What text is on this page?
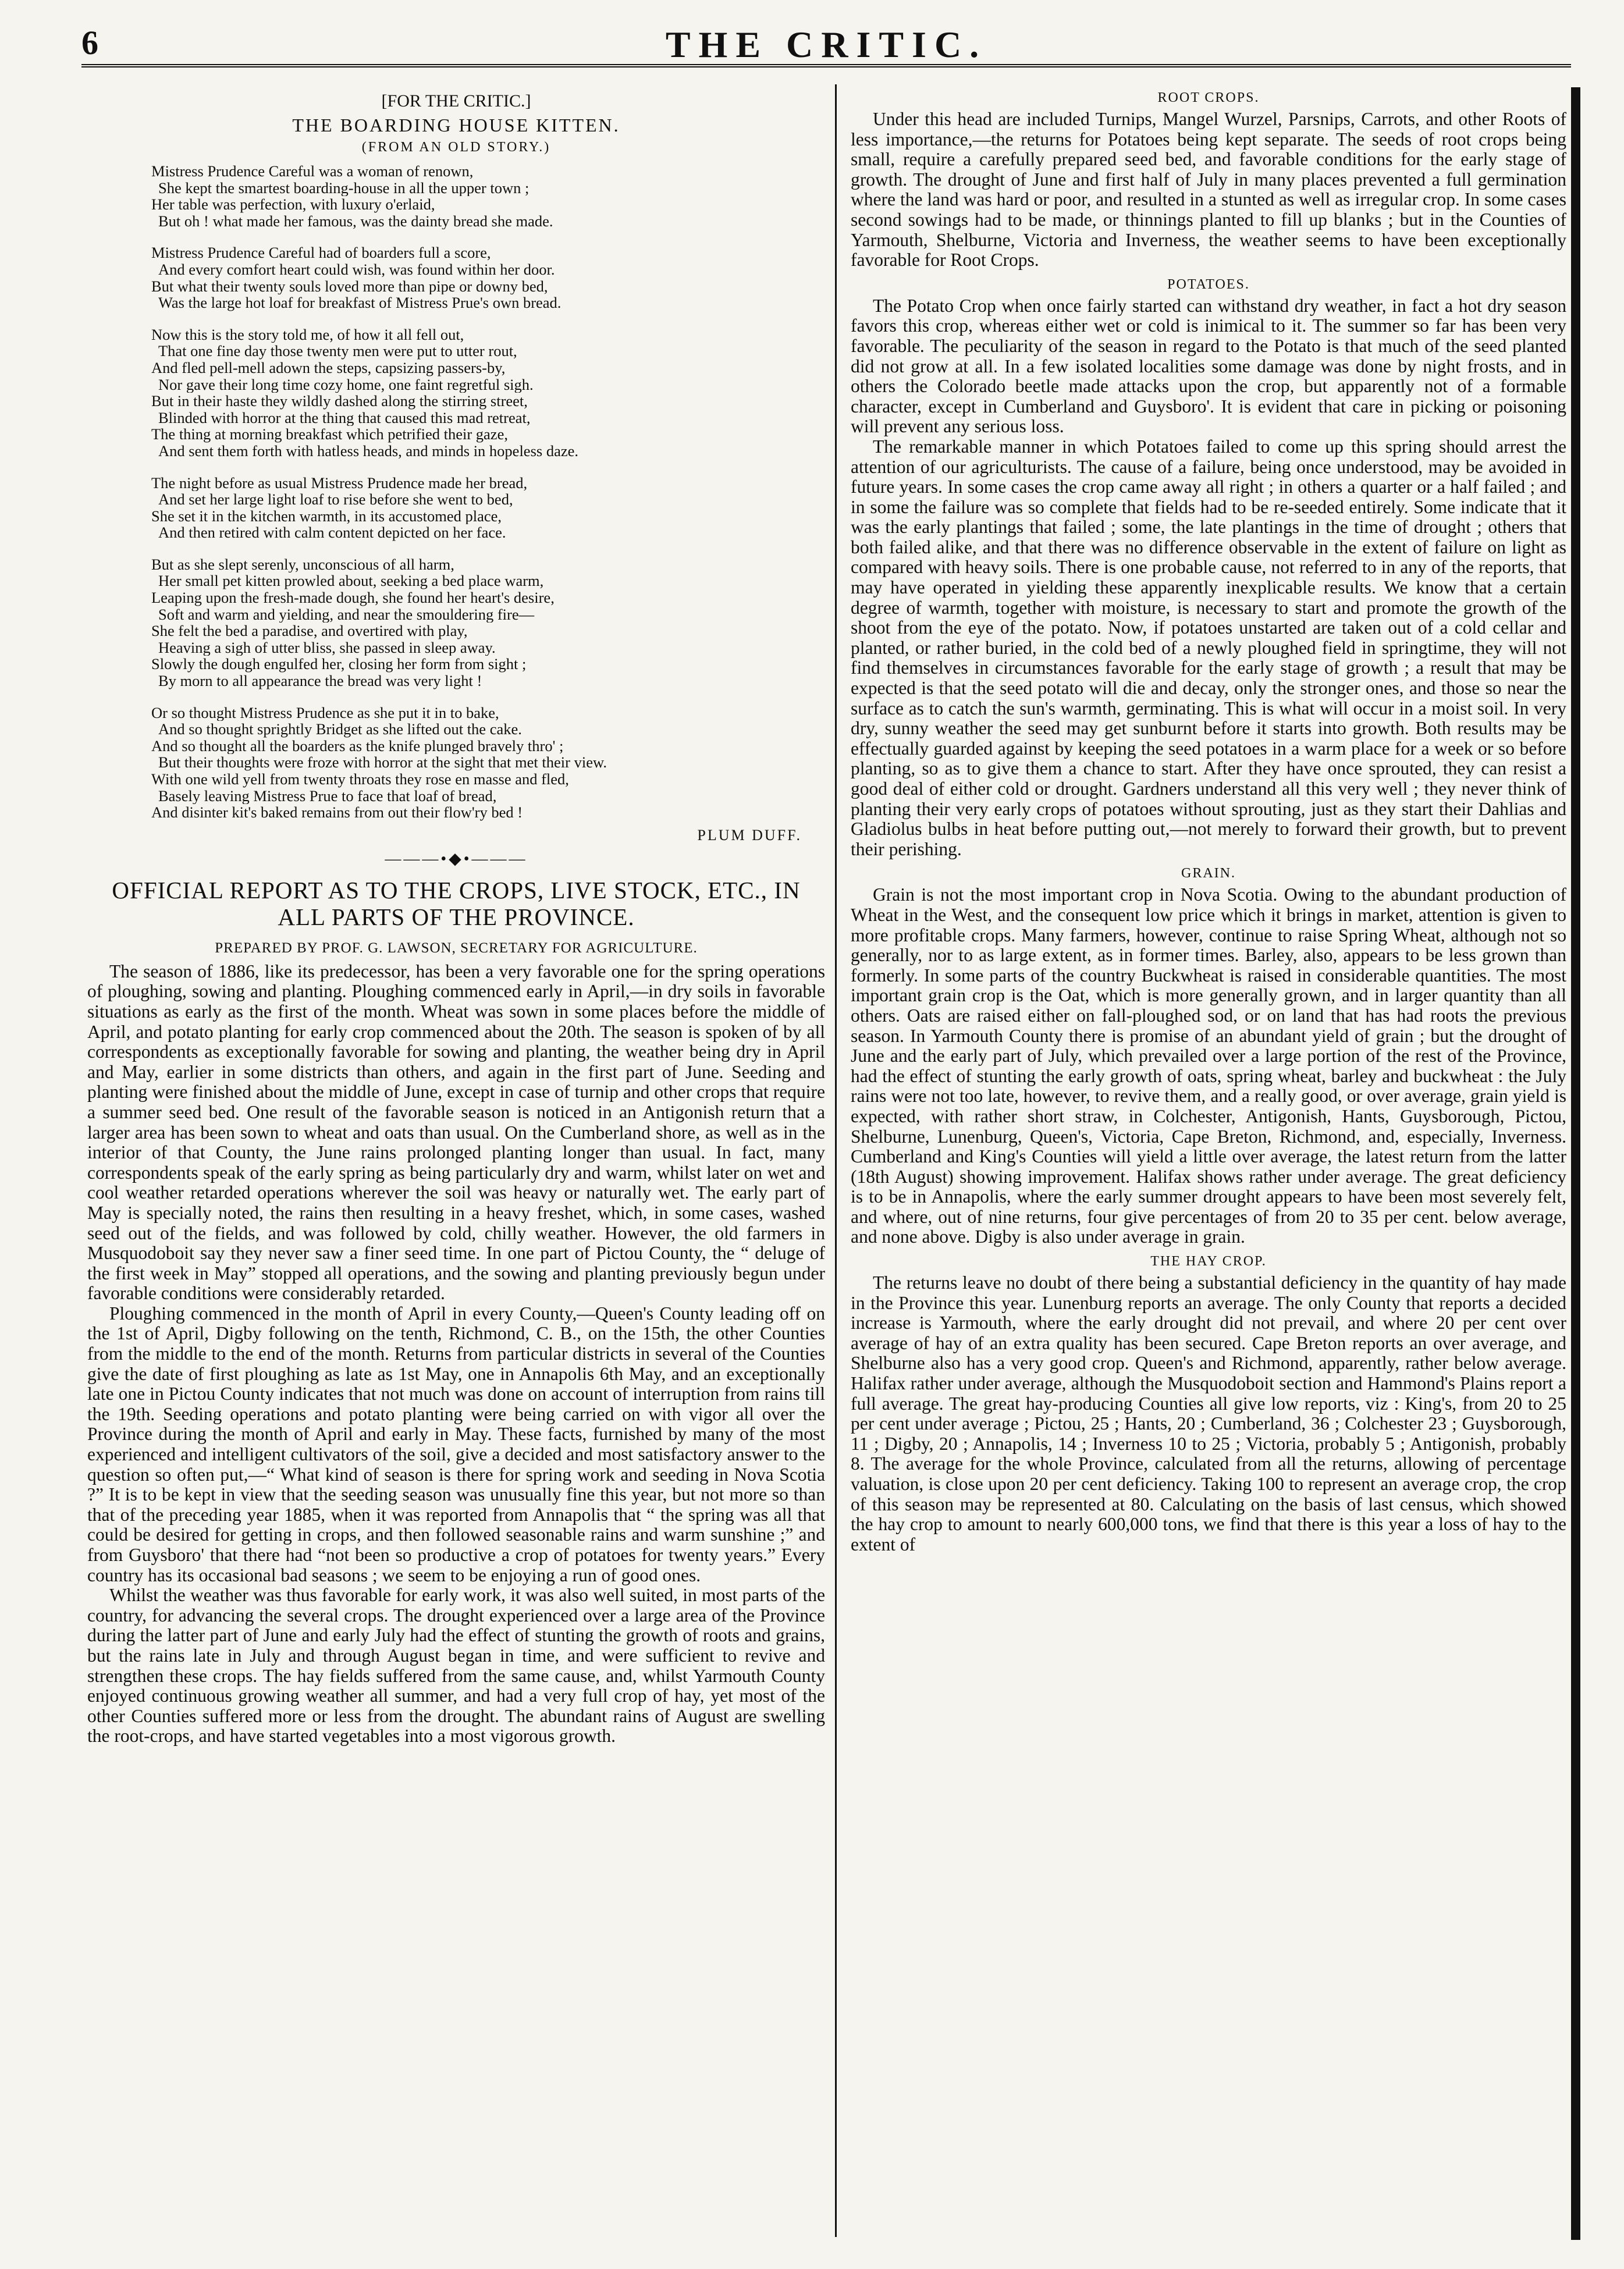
6	THE CRITIC.
[FOR THE CRITIC.]
THE BOARDING HOUSE KITTEN.
(FROM AN OLD STORY.)
Mistress Prudence Careful was a woman of renown,
She kept the smartest boarding-house in all the upper town ;
Her table was perfection, with luxury o'erlaid,
But oh ! what made her famous, was the dainty bread she made.
Mistress Prudence Careful had of boarders full a score,
And every comfort heart could wish, was found within her door.
But what their twenty souls loved more than pipe or downy bed,
Was the large hot loaf for breakfast of Mistress Prue's own bread.
Now this is the story told me, of how it all fell out,
That one fine day those twenty men were put to utter rout,
And fled pell-mell adown the steps, capsizing passers-by,
Nor gave their long time cozy home, one faint regretful sigh.
But in their haste they wildly dashed along the stirring street,
Blinded with horror at the thing that caused this mad retreat,
The thing at morning breakfast which petrified their gaze,
And sent them forth with hatless heads, and minds in hopeless daze.
The night before as usual Mistress Prudence made her bread,
And set her large light loaf to rise before she went to bed,
She set it in the kitchen warmth, in its accustomed place,
And then retired with calm content depicted on her face.
But as she slept serenly, unconscious of all harm,
Her small pet kitten prowled about, seeking a bed place warm,
Leaping upon the fresh-made dough, she found her heart's desire,
Soft and warm and yielding, and near the smouldering fire—
She felt the bed a paradise, and overtired with play,
Heaving a sigh of utter bliss, she passed in sleep away.
Slowly the dough engulfed her, closing her form from sight ;
By morn to all appearance the bread was very light !
Or so thought Mistress Prudence as she put it in to bake,
And so thought sprightly Bridget as she lifted out the cake.
And so thought all the boarders as the knife plunged bravely thro' ;
But their thoughts were froze with horror at the sight that met their view.
With one wild yell from twenty throats they rose en masse and fled,
Basely leaving Mistress Prue to face that loaf of bread,
And disinter kit's baked remains from out their flow'ry bed !
PLUM DUFF.
———•◆•———
OFFICIAL REPORT AS TO THE CROPS, LIVE STOCK, ETC., IN ALL PARTS OF THE PROVINCE.
PREPARED BY PROF. G. LAWSON, SECRETARY FOR AGRICULTURE.

The season of 1886, like its predecessor, has been a very favorable one for the spring operations of ploughing, sowing and planting. Ploughing commenced early in April,—in dry soils in favorable situations as early as the first of the month. Wheat was sown in some places before the middle of April, and potato planting for early crop commenced about the 20th. The season is spoken of by all correspondents as exceptionally favorable for sowing and planting, the weather being dry in April and May, earlier in some districts than others, and again in the first part of June. Seeding and planting were finished about the middle of June, except in case of turnip and other crops that require a summer seed bed. One result of the favorable season is noticed in an Antigonish return that a larger area has been sown to wheat and oats than usual. On the Cumberland shore, as well as in the interior of that County, the June rains prolonged planting longer than usual. In fact, many correspondents speak of the early spring as being particularly dry and warm, whilst later on wet and cool weather retarded operations wherever the soil was heavy or naturally wet. The early part of May is specially noted, the rains then resulting in a heavy freshet, which, in some cases, washed seed out of the fields, and was followed by cold, chilly weather. However, the old farmers in Musquodoboit say they never saw a finer seed time. In one part of Pictou County, the “ deluge of the first week in May” stopped all operations, and the sowing and planting previously begun under favorable conditions were considerably retarded.

Ploughing commenced in the month of April in every County,—Queen's County leading off on the 1st of April, Digby following on the tenth, Richmond, C. B., on the 15th, the other Counties from the middle to the end of the month. Returns from particular districts in several of the Counties give the date of first ploughing as late as 1st May, one in Annapolis 6th May, and an exceptionally late one in Pictou County indicates that not much was done on account of interruption from rains till the 19th. Seeding operations and potato planting were being carried on with vigor all over the Province during the month of April and early in May. These facts, furnished by many of the most experienced and intelligent cultivators of the soil, give a decided and most satisfactory answer to the question so often put,—“ What kind of season is there for spring work and seeding in Nova Scotia ?” It is to be kept in view that the seeding season was unusually fine this year, but not more so than that of the preceding year 1885, when it was reported from Annapolis that “ the spring was all that could be desired for getting in crops, and then followed seasonable rains and warm sunshine ;” and from Guysboro' that there had “not been so productive a crop of potatoes for twenty years.” Every country has its occasional bad seasons ; we seem to be enjoying a run of good ones.

Whilst the weather was thus favorable for early work, it was also well suited, in most parts of the country, for advancing the several crops. The drought experienced over a large area of the Province during the latter part of June and early July had the effect of stunting the growth of roots and grains, but the rains late in July and through August began in time, and were sufficient to revive and strengthen these crops. The hay fields suffered from the same cause, and, whilst Yarmouth County enjoyed continuous growing weather all summer, and had a very full crop of hay, yet most of the other Counties suffered more or less from the drought. The abundant rains of August are swelling the root-crops, and have started vegetables into a most vigorous growth.

ROOT CROPS.

Under this head are included Turnips, Mangel Wurzel, Parsnips, Carrots, and other Roots of less importance,—the returns for Potatoes being kept separate. The seeds of root crops being small, require a carefully prepared seed bed, and favorable conditions for the early stage of growth. The drought of June and first half of July in many places prevented a full germination where the land was hard or poor, and resulted in a stunted as well as irregular crop. In some cases second sowings had to be made, or thinnings planted to fill up blanks ; but in the Counties of Yarmouth, Shelburne, Victoria and Inverness, the weather seems to have been exceptionally favorable for Root Crops.

POTATOES.

The Potato Crop when once fairly started can withstand dry weather, in fact a hot dry season favors this crop, whereas either wet or cold is inimical to it. The summer so far has been very favorable. The peculiarity of the season in regard to the Potato is that much of the seed planted did not grow at all. In a few isolated localities some damage was done by night frosts, and in others the Colorado beetle made attacks upon the crop, but apparently not of a formable character, except in Cumberland and Guysboro'. It is evident that care in picking or poisoning will prevent any serious loss.

The remarkable manner in which Potatoes failed to come up this spring should arrest the attention of our agriculturists. The cause of a failure, being once understood, may be avoided in future years. In some cases the crop came away all right ; in others a quarter or a half failed ; and in some the failure was so complete that fields had to be re-seeded entirely. Some indicate that it was the early plantings that failed ; some, the late plantings in the time of drought ; others that both failed alike, and that there was no difference observable in the extent of failure on light as compared with heavy soils. There is one probable cause, not referred to in any of the reports, that may have operated in yielding these apparently inexplicable results. We know that a certain degree of warmth, together with moisture, is necessary to start and promote the growth of the shoot from the eye of the potato. Now, if potatoes unstarted are taken out of a cold cellar and planted, or rather buried, in the cold bed of a newly ploughed field in springtime, they will not find themselves in circumstances favorable for the early stage of growth ; a result that may be expected is that the seed potato will die and decay, only the stronger ones, and those so near the surface as to catch the sun's warmth, germinating. This is what will occur in a moist soil. In very dry, sunny weather the seed may get sunburnt before it starts into growth. Both results may be effectually guarded against by keeping the seed potatoes in a warm place for a week or so before planting, so as to give them a chance to start. After they have once sprouted, they can resist a good deal of either cold or drought. Gardners understand all this very well ; they never think of planting their very early crops of potatoes without sprouting, just as they start their Dahlias and Gladiolus bulbs in heat before putting out,—not merely to forward their growth, but to prevent their perishing.

GRAIN.

Grain is not the most important crop in Nova Scotia. Owing to the abundant production of Wheat in the West, and the consequent low price which it brings in market, attention is given to more profitable crops. Many farmers, however, continue to raise Spring Wheat, although not so generally, nor to as large extent, as in former times. Barley, also, appears to be less grown than formerly. In some parts of the country Buckwheat is raised in considerable quantities. The most important grain crop is the Oat, which is more generally grown, and in larger quantity than all others. Oats are raised either on fall-ploughed sod, or on land that has had roots the previous season. In Yarmouth County there is promise of an abundant yield of grain ; but the drought of June and the early part of July, which prevailed over a large portion of the rest of the Province, had the effect of stunting the early growth of oats, spring wheat, barley and buckwheat : the July rains were not too late, however, to revive them, and a really good, or over average, grain yield is expected, with rather short straw, in Colchester, Antigonish, Hants, Guysborough, Pictou, Shelburne, Lunenburg, Queen's, Victoria, Cape Breton, Richmond, and, especially, Inverness. Cumberland and King's Counties will yield a little over average, the latest return from the latter (18th August) showing improvement. Halifax shows rather under average. The great deficiency is to be in Annapolis, where the early summer drought appears to have been most severely felt, and where, out of nine returns, four give percentages of from 20 to 35 per cent. below average, and none above. Digby is also under average in grain.

THE HAY CROP.

The returns leave no doubt of there being a substantial deficiency in the quantity of hay made in the Province this year. Lunenburg reports an average. The only County that reports a decided increase is Yarmouth, where the early drought did not prevail, and where 20 per cent over average of hay of an extra quality has been secured. Cape Breton reports an over average, and Shelburne also has a very good crop. Queen's and Richmond, apparently, rather below average. Halifax rather under average, although the Musquodoboit section and Hammond's Plains report a full average. The great hay-producing Counties all give low reports, viz : King's, from 20 to 25 per cent under average ; Pictou, 25 ; Hants, 20 ; Cumberland, 36 ; Colchester 23 ; Guysborough, 11 ; Digby, 20 ; Annapolis, 14 ; Inverness 10 to 25 ; Victoria, probably 5 ; Antigonish, probably 8. The average for the whole Province, calculated from all the returns, allowing of percentage valuation, is close upon 20 per cent deficiency. Taking 100 to represent an average crop, the crop of this season may be represented at 80. Calculating on the basis of last census, which showed the hay crop to amount to nearly 600,000 tons, we find that there is this year a loss of hay to the extent of
